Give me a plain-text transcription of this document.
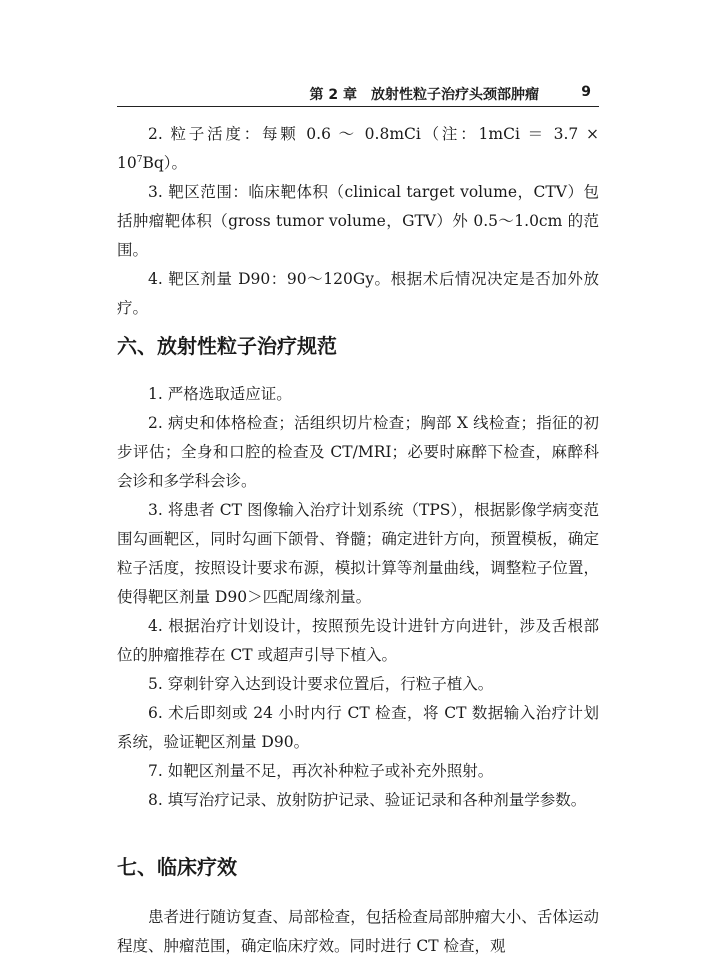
第 2 章　放射性粒子治疗头颈部肿瘤	9

2. 粒子活度：每颗 0.6 ～ 0.8mCi（注：$1mCi = 3.7 \times 10^7Bq$）。

3. 靶区范围：临床靶体积（clinical target volume，CTV）包括肿瘤靶体积（gross tumor volume，GTV）外 0.5～1.0cm 的范围。

4. 靶区剂量 D90：90～120Gy。根据术后情况决定是否加外放疗。

六、放射性粒子治疗规范

1. 严格选取适应证。

2. 病史和体格检查；活组织切片检查；胸部 X 线检查；指征的初步评估；全身和口腔的检查及 CT/MRI；必要时麻醉下检查，麻醉科会诊和多学科会诊。

3. 将患者 CT 图像输入治疗计划系统（TPS），根据影像学病变范围勾画靶区，同时勾画下颌骨、脊髓；确定进针方向，预置模板，确定粒子活度，按照设计要求布源，模拟计算等剂量曲线，调整粒子位置，使得靶区剂量 D90＞匹配周缘剂量。

4. 根据治疗计划设计，按照预先设计进针方向进针，涉及舌根部位的肿瘤推荐在 CT 或超声引导下植入。

5. 穿刺针穿入达到设计要求位置后，行粒子植入。

6. 术后即刻或 24 小时内行 CT 检查，将 CT 数据输入治疗计划系统，验证靶区剂量 D90。

7. 如靶区剂量不足，再次补种粒子或补充外照射。

8. 填写治疗记录、放射防护记录、验证记录和各种剂量学参数。

七、临床疗效

患者进行随访复查、局部检查，包括检查局部肿瘤大小、舌体运动程度、肿瘤范围，确定临床疗效。同时进行 CT 检查，观
